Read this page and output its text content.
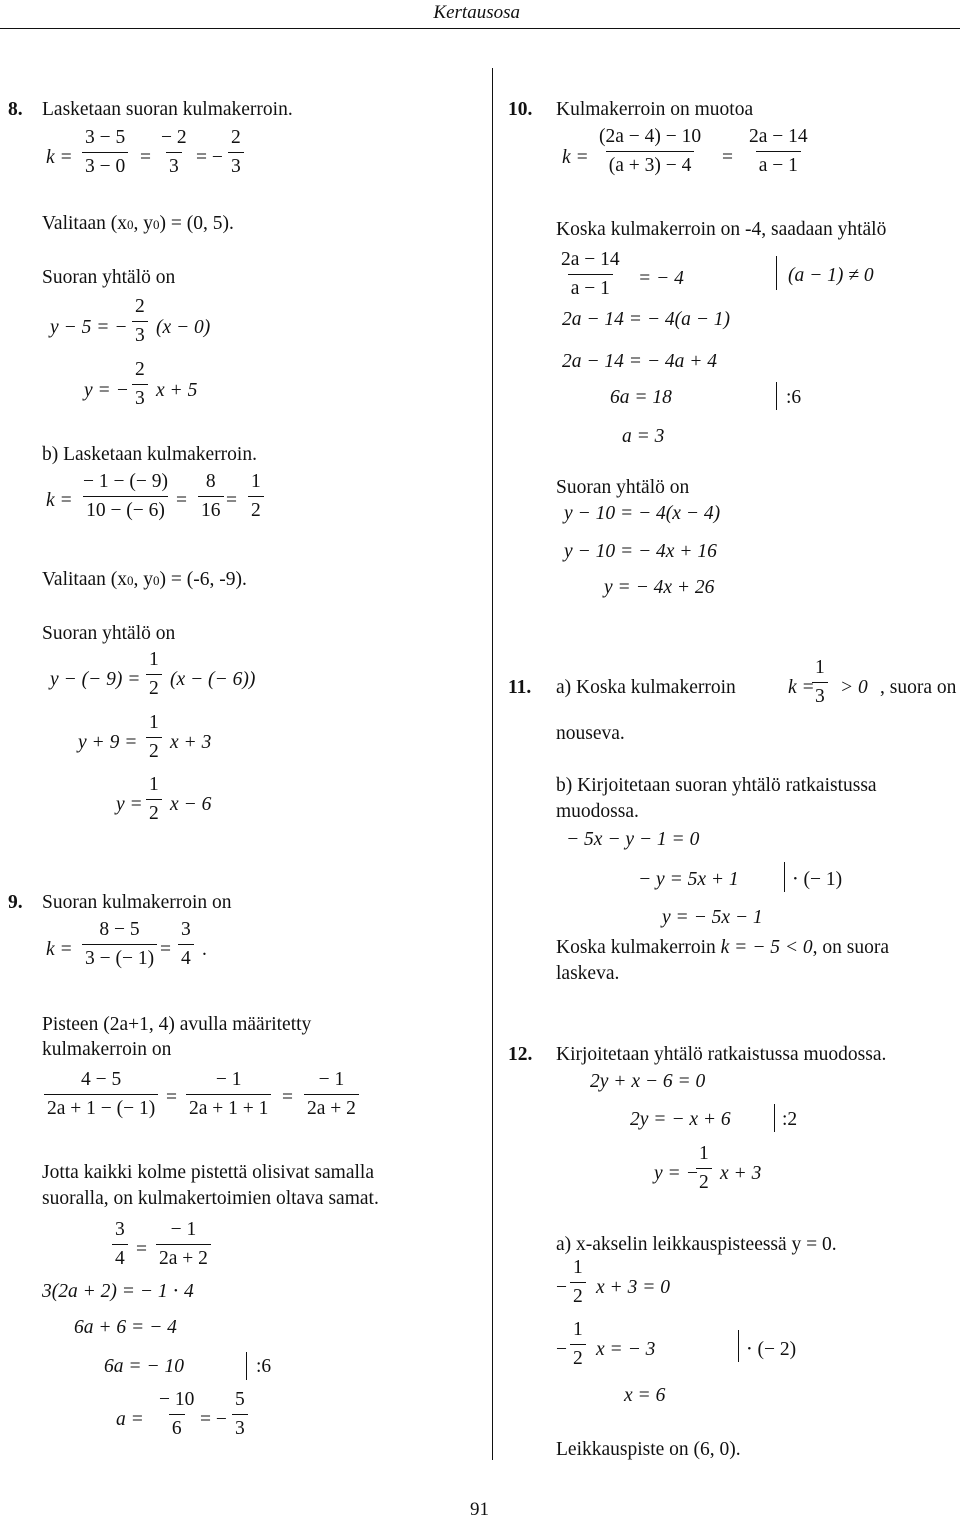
Kertausosa
8. Lasketaan suoran kulmakerroin.
$k = \frac{3 - 5}{3 - 0} = \frac{- 2}{3}$ = − $\frac{2}{3}$
Valitaan (x0, y0) = (0, 5).
Suoran yhtälö on
y − 5 = − $\frac{2}{3} (x - 0)$
y = − $\frac{2}{3}$ x + 5
b) Lasketaan kulmakerroin.
$k = \frac{- 1 - (- 9)}{10 - (- 6)} = \frac{8}{16} = \frac{1}{2}$
Valitaan (x0, y0) = (-6, -9).
Suoran yhtälö on
y − (− $9) = \frac{1}{2} (x$ − (− 6))
$y + 9 = \frac{1}{2}$ x + 3
$y = \frac{1}{2}$ x − 6
9. Suoran kulmakerroin on
$k = \frac{8 - 5}{3 - (- 1)} = \frac{3}{4}$ .
Pisteen (2a+1, 4) avulla määritetty
kulmakerroin on
$\frac{4 - 5}{2a + 1 - (- 1)} = \frac{- 1}{2a + 1 + 1} = \frac{- 1}{2a + 2}$
Jotta kaikki kolme pistettä olisivat samalla
suoralla, on kulmakertoimien oltava samat.
$\frac{3}{4} = \frac{- 1}{2a + 2}$
3(2a + 2) = − 1 ⋅ 4
6a + 6 = − 4
6a = − 10	:6
$a = \frac{- 10}{6}$ = − $\frac{5}{3}$
10. Kulmakerroin on muotoa
$k = \frac{(2a - 4) - 10}{(a + 3) - 4} = \frac{2a - 14}{a - 1}$
Koska kulmakerroin on -4, saadaan yhtälö
$\frac{2a - 14}{a - 1}$ = − 4	(a − 1) ≠ 0
2a − 14 = − 4(a − 1)
2a − 14 = − 4a + 4
6a = 18	:6
a = 3
Suoran yhtälö on
y − 10 = − 4(x − 4)
y − 10 = − 4x + 16
y = − 4x + 26
11. a) Koska kulmakerroin	k =
$\frac{1}{3} > 0$ , suora on
nouseva.
b) Kirjoitetaan suoran yhtälö ratkaistussa
muodossa.
− 5x − y − 1 = 0
− y = 5x + 1	⋅ (− 1)
y = − 5x − 1
Koska kulmakerroin k = − 5 < 0, on suora
laskeva.
12. Kirjoitetaan yhtälö ratkaistussa muodossa.
2y + x − 6 = 0
2y = − x + 6	:2
y = −
$\frac{1}{2}$ x + 3
a) x-akselin leikkauspisteessä y = 0.
− $\frac{1}{2}$ x + 3 = 0
− $\frac{1}{2}$ x = − 3	⋅ (− 2)
x = 6
Leikkauspiste on (6, 0).
91
